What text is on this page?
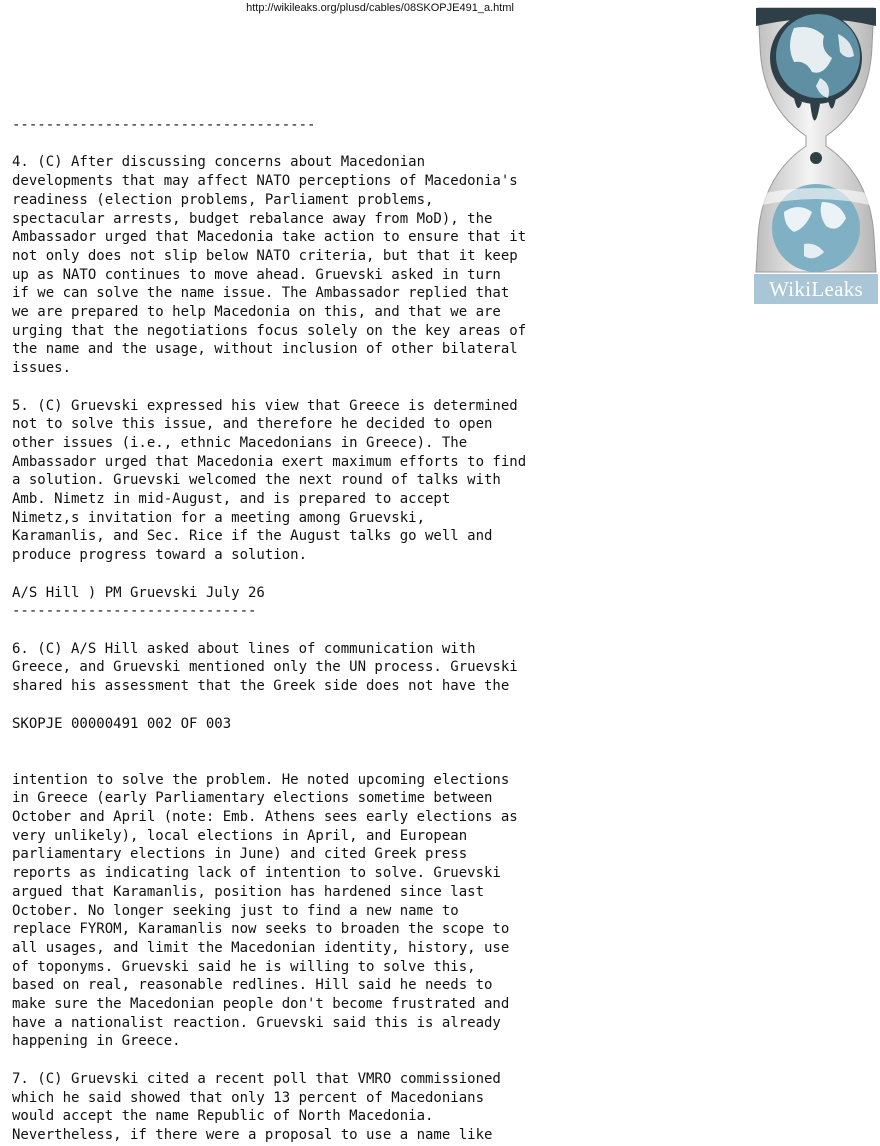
http://wikileaks.org/plusd/cables/08SKOPJE491_a.html
------------------------------------

4. (C) After discussing concerns about Macedonian
developments that may affect NATO perceptions of Macedonia's
readiness (election problems, Parliament problems,
spectacular arrests, budget rebalance away from MoD), the
Ambassador urged that Macedonia take action to ensure that it
not only does not slip below NATO criteria, but that it keep
up as NATO continues to move ahead. Gruevski asked in turn
if we can solve the name issue. The Ambassador replied that
we are prepared to help Macedonia on this, and that we are
urging that the negotiations focus solely on the key areas of
the name and the usage, without inclusion of other bilateral
issues.

5. (C) Gruevski expressed his view that Greece is determined
not to solve this issue, and therefore he decided to open
other issues (i.e., ethnic Macedonians in Greece). The
Ambassador urged that Macedonia exert maximum efforts to find
a solution. Gruevski welcomed the next round of talks with
Amb. Nimetz in mid-August, and is prepared to accept
Nimetz,s invitation for a meeting among Gruevski,
Karamanlis, and Sec. Rice if the August talks go well and
produce progress toward a solution.

A/S Hill ) PM Gruevski July 26
-----------------------------

6. (C) A/S Hill asked about lines of communication with
Greece, and Gruevski mentioned only the UN process. Gruevski
shared his assessment that the Greek side does not have the

SKOPJE 00000491 002 OF 003

intention to solve the problem. He noted upcoming elections
in Greece (early Parliamentary elections sometime between
October and April (note: Emb. Athens sees early elections as
very unlikely), local elections in April, and European
parliamentary elections in June) and cited Greek press
reports as indicating lack of intention to solve. Gruevski
argued that Karamanlis, position has hardened since last
October. No longer seeking just to find a new name to
replace FYROM, Karamanlis now seeks to broaden the scope to
all usages, and limit the Macedonian identity, history, use
of toponyms. Gruevski said he is willing to solve this,
based on real, reasonable redlines. Hill said he needs to
make sure the Macedonian people don't become frustrated and
have a nationalist reaction. Gruevski said this is already
happening in Greece.

7. (C) Gruevski cited a recent poll that VMRO commissioned
which he said showed that only 13 percent of Macedonians
would accept the name Republic of North Macedonia.
Nevertheless, if there were a proposal to use a name like
WikiLeaks
